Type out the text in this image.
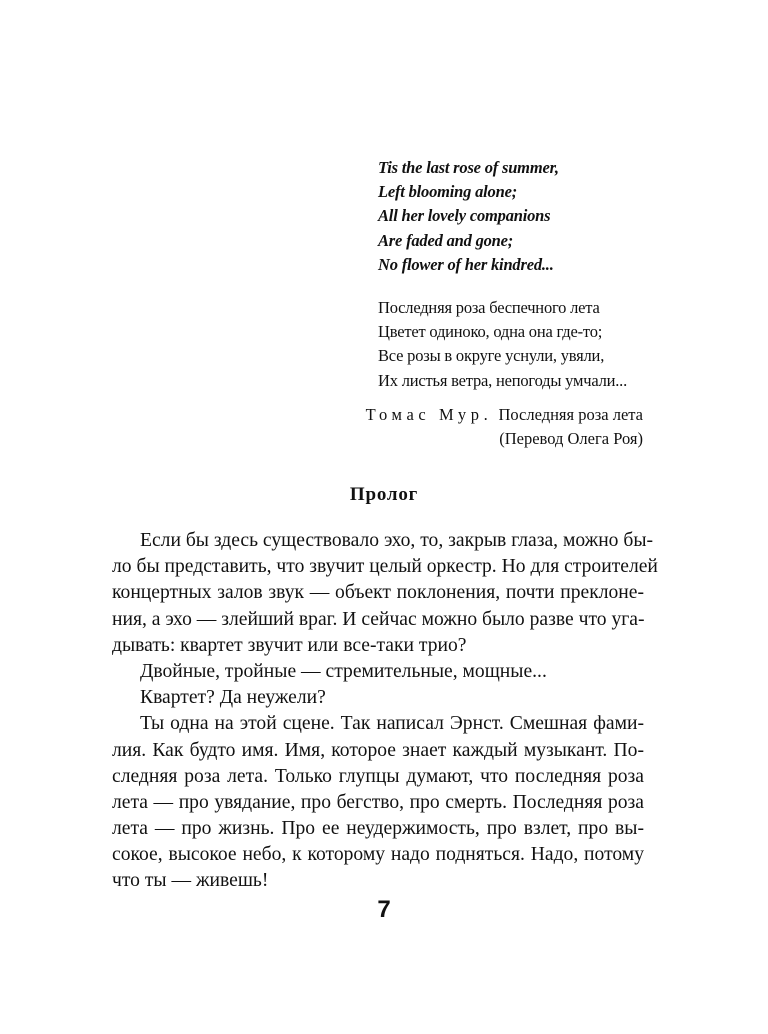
Tis the last rose of summer,
Left blooming alone;
All her lovely companions
Are faded and gone;
No flower of her kindred...
Последняя роза беспечного лета
Цветет одиноко, одна она где-то;
Все розы в округе уснули, увяли,
Их листья ветра, непогоды умчали...
Томас Мур. Последняя роза лета
(Перевод Олега Роя)
Пролог
Если бы здесь существовало эхо, то, закрыв глаза, можно бы-
ло бы представить, что звучит целый оркестр. Но для строителей
концертных залов звук — объект поклонения, почти преклоне-
ния, а эхо — злейший враг. И сейчас можно было разве что уга-
дывать: квартет звучит или все-таки трио?
Двойные, тройные — стремительные, мощные...
Квартет? Да неужели?
Ты одна на этой сцене. Так написал Эрнст. Смешная фами-
лия. Как будто имя. Имя, которое знает каждый музыкант. По-
следняя роза лета. Только глупцы думают, что последняя роза
лета — про увядание, про бегство, про смерть. Последняя роза
лета — про жизнь. Про ее неудержимость, про взлет, про вы-
сокое, высокое небо, к которому надо подняться. Надо, потому
что ты — живешь!
7
